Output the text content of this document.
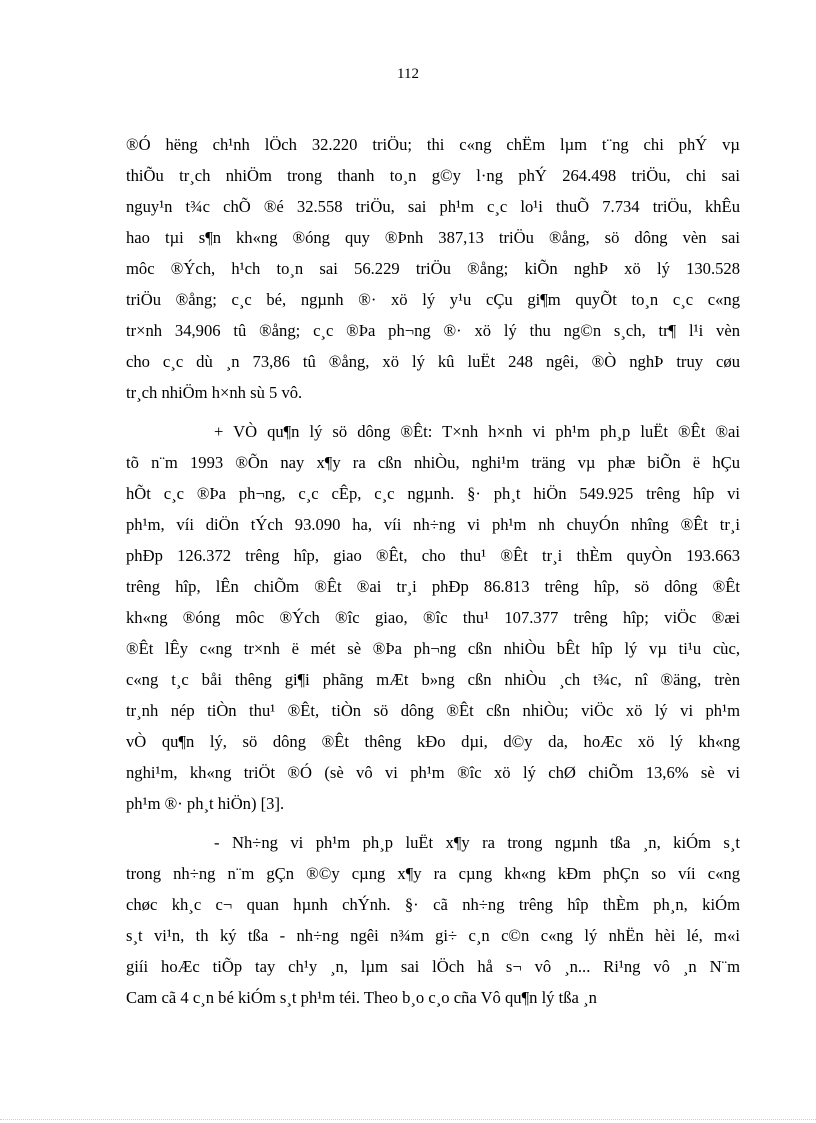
112
®Ó hëng ch¹nh lÖch 32.220 triÖu; thi c«ng chËm lµm t¨ng chi phÝ vµ
thiÕu tr¸ch nhiÖm trong thanh to¸n g©y l·ng phÝ 264.498 triÖu, chi sai
nguy¹n t¾c chÕ ®é 32.558 triÖu, sai ph¹m c¸c lo¹i thuÕ 7.734 triÖu, khÊu
hao tµi s¶n kh«ng ®óng quy ®Þnh 387,13 triÖu ®ång, sö dông vèn sai
môc ®Ých, h¹ch to¸n sai 56.229 triÖu ®ång; kiÕn nghÞ xö lý 130.528
triÖu ®ång; c¸c bé, ngµnh ®· xö lý y¹u cÇu gi¶m quyÕt to¸n c¸c c«ng
tr×nh 34,906 tû ®ång; c¸c ®Þa ph¬ng ®· xö lý thu ng©n s¸ch, tr¶ l¹i vèn
cho c¸c dù ¸n 73,86 tû ®ång, xö lý kû luËt 248 ngêi, ®Ò nghÞ truy cøu
tr¸ch nhiÖm h×nh sù 5 vô.
+ VÒ qu¶n lý sö dông ®Êt: T×nh h×nh vi ph¹m ph¸p luËt ®Êt ®ai
tõ n¨m 1993 ®Õn nay x¶y ra cßn nhiÒu, nghi¹m träng vµ phæ biÕn ë hÇu
hÕt c¸c ®Þa ph¬ng, c¸c cÊp, c¸c ngµnh. §· ph¸t hiÖn 549.925 trêng hîp vi
ph¹m, víi diÖn tÝch 93.090 ha, víi nh÷ng vi ph¹m nh chuyÓn nhîng ®Êt tr¸i
phÐp 126.372 trêng hîp, giao ®Êt, cho thu¹ ®Êt tr¸i thÈm quyÒn 193.663
trêng hîp, lÊn chiÕm ®Êt ®ai tr¸i phÐp 86.813 trêng hîp, sö dông ®Êt
kh«ng ®óng môc ®Ých ®îc giao, ®îc thu¹ 107.377 trêng hîp; viÖc ®æi
®Êt lÊy c«ng tr×nh ë mét sè ®Þa ph¬ng cßn nhiÒu bÊt hîp lý vµ ti¹u cùc,
c«ng t¸c båi thêng gi¶i phãng mÆt b»ng cßn nhiÒu ¸ch t¾c, nî ®äng, trèn
tr¸nh nép tiÒn thu¹ ®Êt, tiÒn sö dông ®Êt cßn nhiÒu; viÖc xö lý vi ph¹m
vÒ qu¶n lý, sö dông ®Êt thêng kÐo dµi, d©y da, hoÆc xö lý kh«ng
nghi¹m, kh«ng triÖt ®Ó (sè vô vi ph¹m ®îc xö lý chØ chiÕm 13,6% sè vi
ph¹m ®· ph¸t hiÖn) [3].
- Nh÷ng vi ph¹m ph¸p luËt x¶y ra trong ngµnh tßa ¸n, kiÓm s¸t
trong nh÷ng n¨m gÇn ®©y cµng x¶y ra cµng kh«ng kÐm phÇn so víi c«ng
chøc kh¸c c¬ quan hµnh chÝnh. §· cã nh÷ng trêng hîp thÈm ph¸n, kiÓm
s¸t vi¹n, th ký tßa - nh÷ng ngêi n¾m gi÷ c¸n c©n c«ng lý nhËn hèi lé, m«i
giíi hoÆc tiÕp tay ch¹y ¸n, lµm sai lÖch hå s¬ vô ¸n... Ri¹ng vô ¸n N¨m
Cam cã 4 c¸n bé kiÓm s¸t ph¹m téi. Theo b¸o c¸o cña Vô qu¶n lý tßa ¸n
